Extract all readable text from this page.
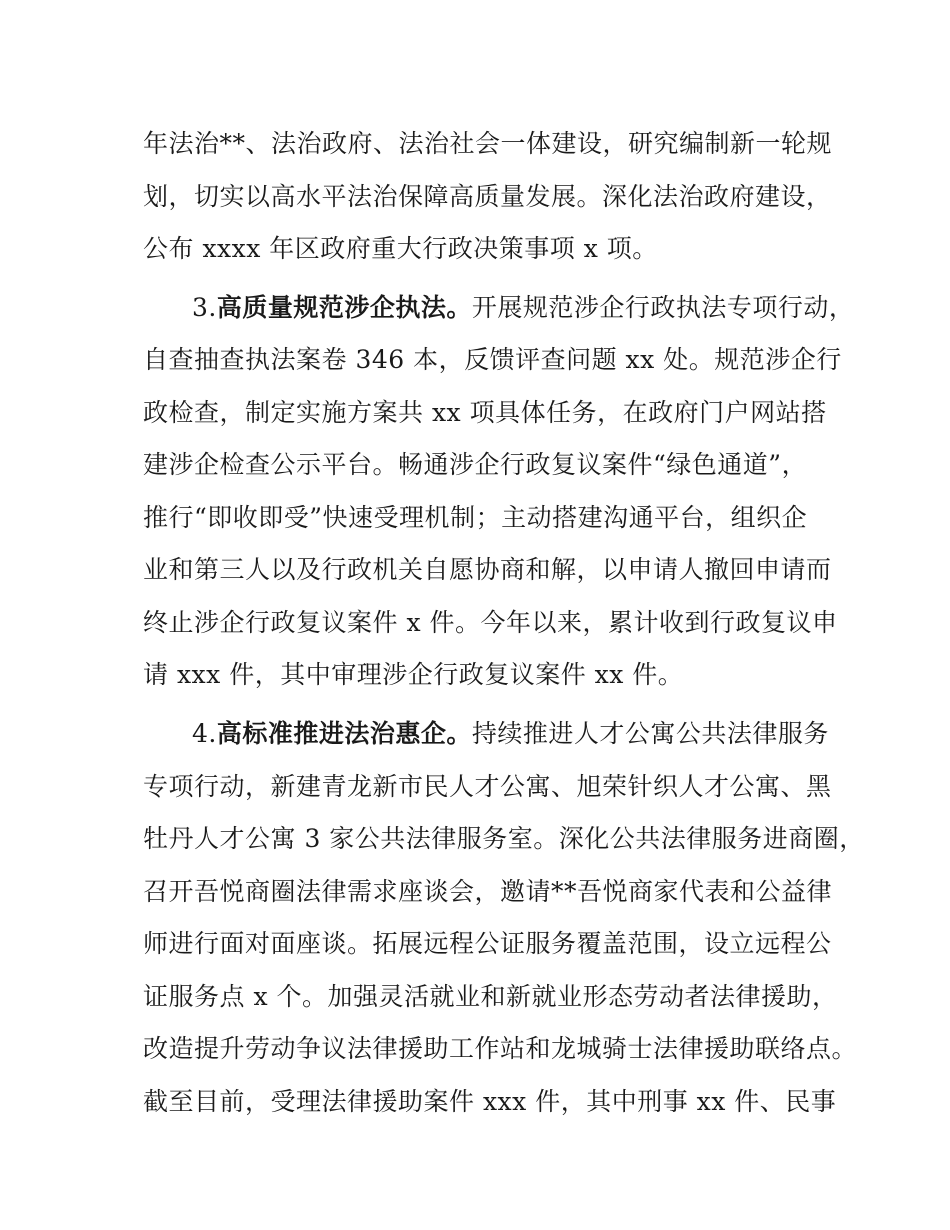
年法治**、法治政府、法治社会一体建设，研究编制新一轮规
划，切实以高水平法治保障高质量发展。深化法治政府建设，
公布 xxxx 年区政府重大行政决策事项 x 项。
3.高质量规范涉企执法。开展规范涉企行政执法专项行动，
自查抽查执法案卷 346 本，反馈评查问题 xx 处。规范涉企行
政检查，制定实施方案共 xx 项具体任务，在政府门户网站搭
建涉企检查公示平台。畅通涉企行政复议案件“绿色通道”，
推行“即收即受”快速受理机制；主动搭建沟通平台，组织企
业和第三人以及行政机关自愿协商和解，以申请人撤回申请而
终止涉企行政复议案件 x 件。今年以来，累计收到行政复议申
请 xxx 件，其中审理涉企行政复议案件 xx 件。
4.高标准推进法治惠企。持续推进人才公寓公共法律服务
专项行动，新建青龙新市民人才公寓、旭荣针织人才公寓、黑
牡丹人才公寓 3 家公共法律服务室。深化公共法律服务进商圈，
召开吾悦商圈法律需求座谈会，邀请**吾悦商家代表和公益律
师进行面对面座谈。拓展远程公证服务覆盖范围，设立远程公
证服务点 x 个。加强灵活就业和新就业形态劳动者法律援助，
改造提升劳动争议法律援助工作站和龙城骑士法律援助联络点。
截至目前，受理法律援助案件 xxx 件，其中刑事 xx 件、民事
